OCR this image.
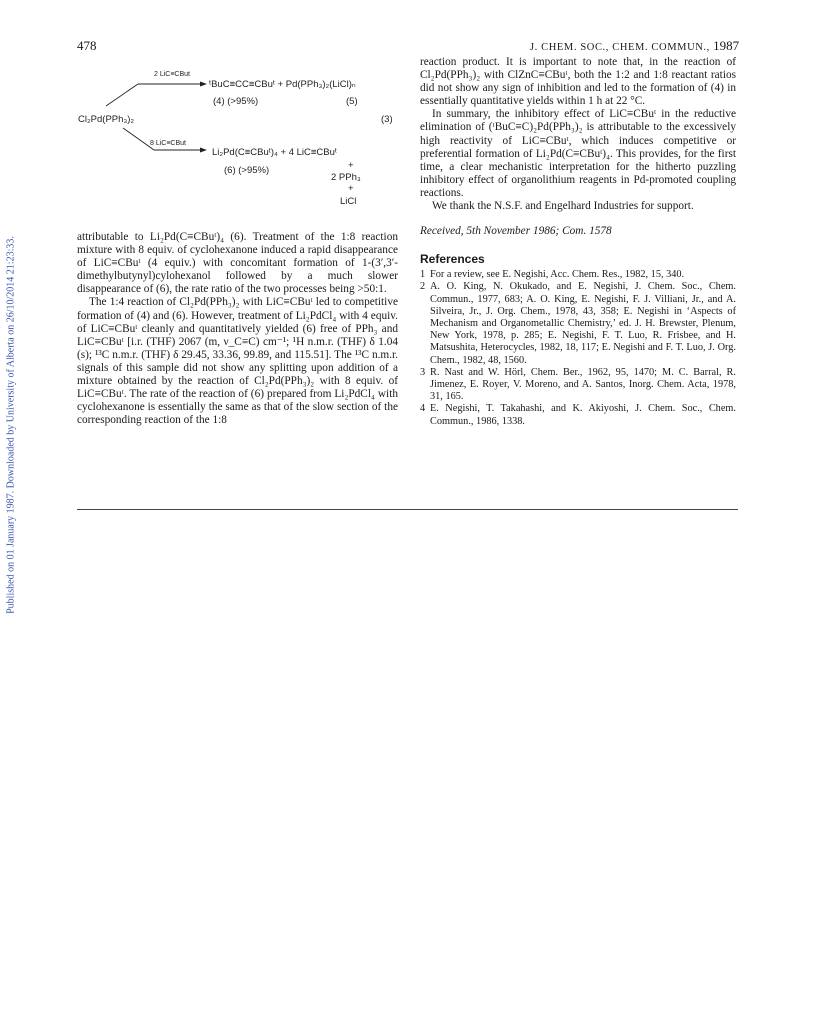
478	J. CHEM. SOC., CHEM. COMMUN., 1987
Published on 01 January 1987. Downloaded by University of Alberta on 26/10/2014 21:23:33.
2 LiC≡CBut
ᵗBuC≡CC≡CBuᵗ + Pd(PPh₃)₂(LiCl)ₙ
(4) (>95%)	(5)
Cl₂Pd(PPh₃)₂	(3)
8 LiC≡CBut
Li₂Pd(C≡CBuᵗ)₄ + 4 LiC≡CBuᵗ
(6) (>95%)	+
2 PPh₃
+
LiCl

attributable to Li₂Pd(C≡CBuᵗ)₄ (6). Treatment of the 1:8 reaction mixture with 8 equiv. of cyclohexanone induced a rapid disappearance of LiC≡CBuᵗ (4 equiv.) with concomitant formation of 1-(3′,3′-dimethylbutynyl)cylohexanol followed by a much slower disappearance of (6), the rate ratio of the two processes being >50:1.

The 1:4 reaction of Cl₂Pd(PPh₃)₂ with LiC≡CBuᵗ led to competitive formation of (4) and (6). However, treatment of Li₂PdCl₄ with 4 equiv. of LiC≡CBuᵗ cleanly and quantitatively yielded (6) free of PPh₃ and LiC≡CBuᵗ [i.r. (THF) 2067 (m, ν_C≡C) cm⁻¹; ¹H n.m.r. (THF) δ 1.04 (s); ¹³C n.m.r. (THF) δ 29.45, 33.36, 99.89, and 115.51]. The ¹³C n.m.r. signals of this sample did not show any splitting upon addition of a mixture obtained by the reaction of Cl₂Pd(PPh₃)₂ with 8 equiv. of LiC≡CBuᵗ. The rate of the reaction of (6) prepared from Li₂PdCl₄ with cyclohexanone is essentially the same as that of the slow section of the corresponding reaction of the 1:8

reaction product. It is important to note that, in the reaction of Cl₂Pd(PPh₃)₂ with ClZnC≡CBuᵗ, both the 1:2 and 1:8 reactant ratios did not show any sign of inhibition and led to the formation of (4) in essentially quantitative yields within 1 h at 22 °C.

In summary, the inhibitory effect of LiC≡CBuᵗ in the reductive elimination of (ᵗBuC≡C)₂Pd(PPh₃)₂ is attributable to the excessively high reactivity of LiC≡CBuᵗ, which induces competitive or preferential formation of Li₂Pd(C≡CBuᵗ)₄. This provides, for the first time, a clear mechanistic interpretation for the hitherto puzzling inhibitory effect of organolithium reagents in Pd-promoted coupling reactions.

We thank the N.S.F. and Engelhard Industries for support.

Received, 5th November 1986; Com. 1578

References
1 For a review, see E. Negishi, Acc. Chem. Res., 1982, 15, 340.
2 A. O. King, N. Okukado, and E. Negishi, J. Chem. Soc., Chem. Commun., 1977, 683; A. O. King, E. Negishi, F. J. Villiani, Jr., and A. Silveira, Jr., J. Org. Chem., 1978, 43, 358; E. Negishi in ‘Aspects of Mechanism and Organometallic Chemistry,’ ed. J. H. Brewster, Plenum, New York, 1978, p. 285; E. Negishi, F. T. Luo, R. Frisbee, and H. Matsushita, Heterocycles, 1982, 18, 117; E. Negishi and F. T. Luo, J. Org. Chem., 1982, 48, 1560.
3 R. Nast and W. Hörl, Chem. Ber., 1962, 95, 1470; M. C. Barral, R. Jimenez, E. Royer, V. Moreno, and A. Santos, Inorg. Chem. Acta, 1978, 31, 165.
4 E. Negishi, T. Takahashi, and K. Akiyoshi, J. Chem. Soc., Chem. Commun., 1986, 1338.
